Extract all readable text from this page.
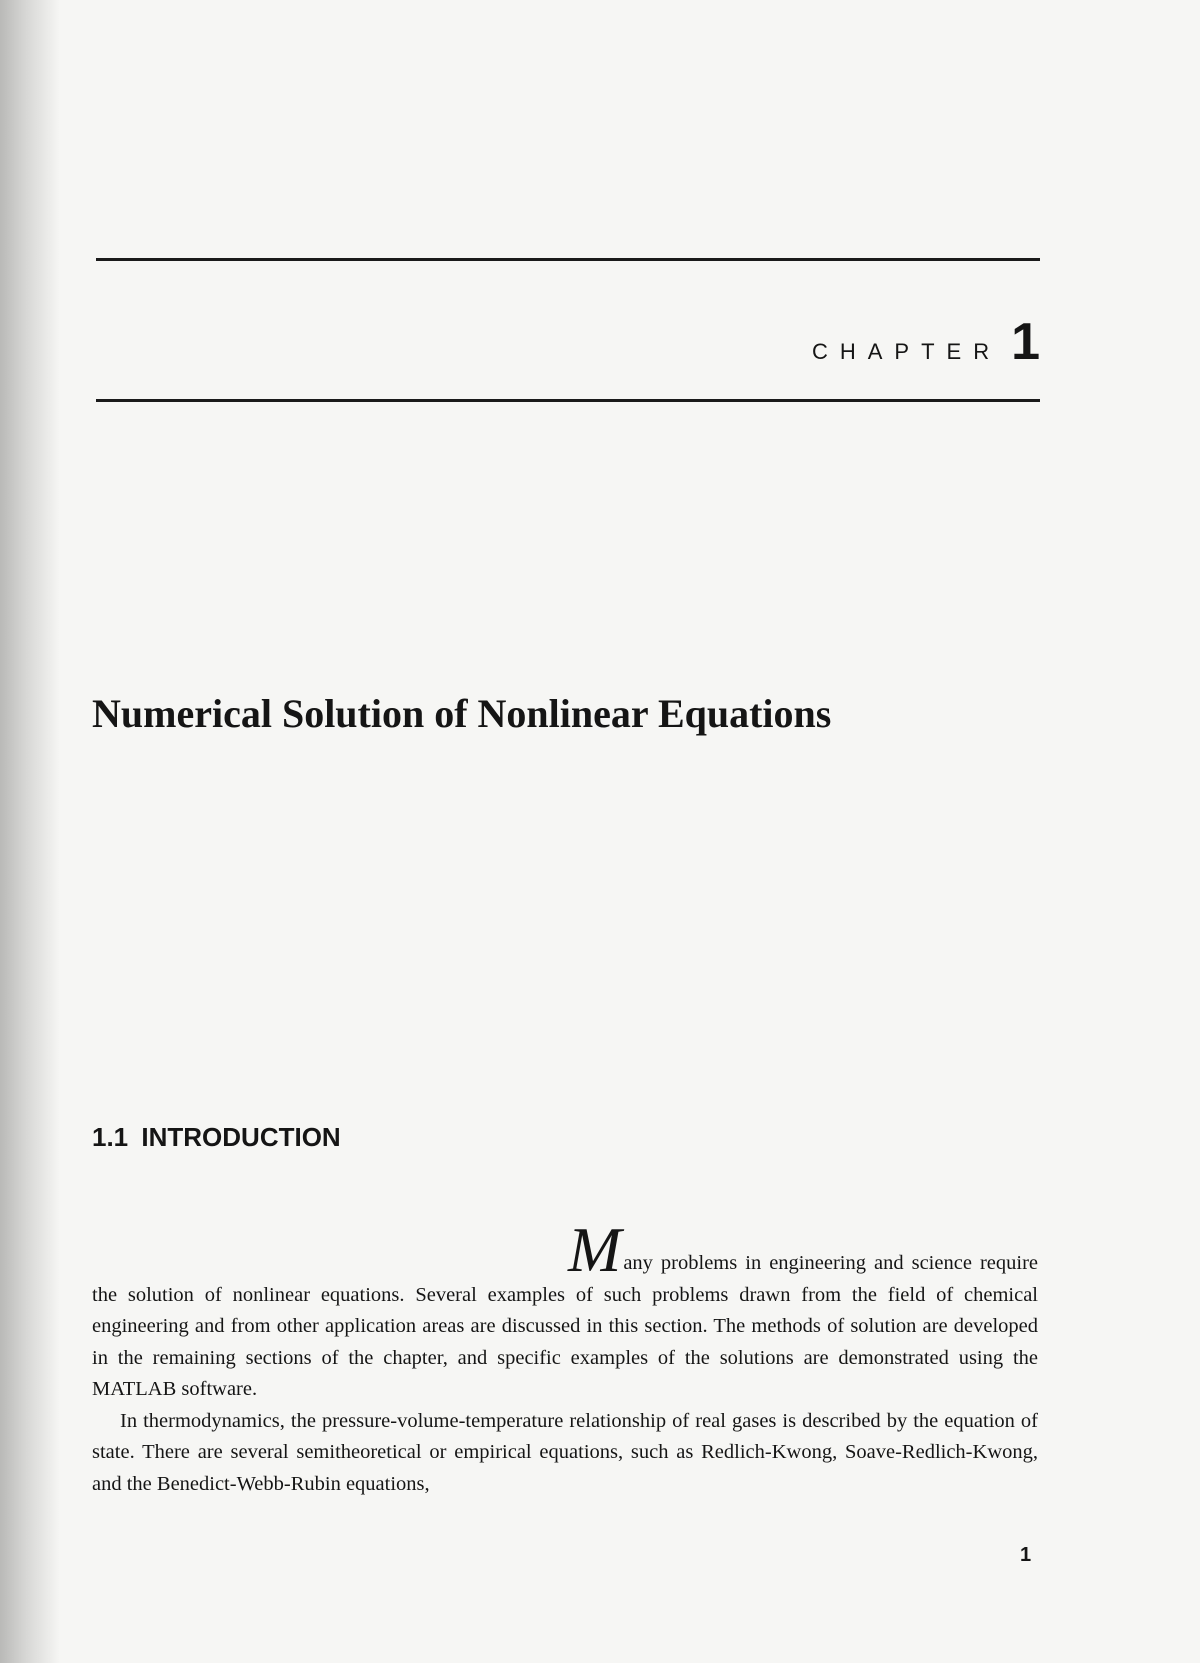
CHAPTER 1
Numerical Solution of Nonlinear Equations
1.1 INTRODUCTION

Many problems in engineering and science require the solution of nonlinear equations. Several examples of such problems drawn from the field of chemical engineering and from other application areas are discussed in this section. The methods of solution are developed in the remaining sections of the chapter, and specific examples of the solutions are demonstrated using the MATLAB software.

In thermodynamics, the pressure-volume-temperature relationship of real gases is described by the equation of state. There are several semitheoretical or empirical equations, such as Redlich-Kwong, Soave-Redlich-Kwong, and the Benedict-Webb-Rubin equations,

1
